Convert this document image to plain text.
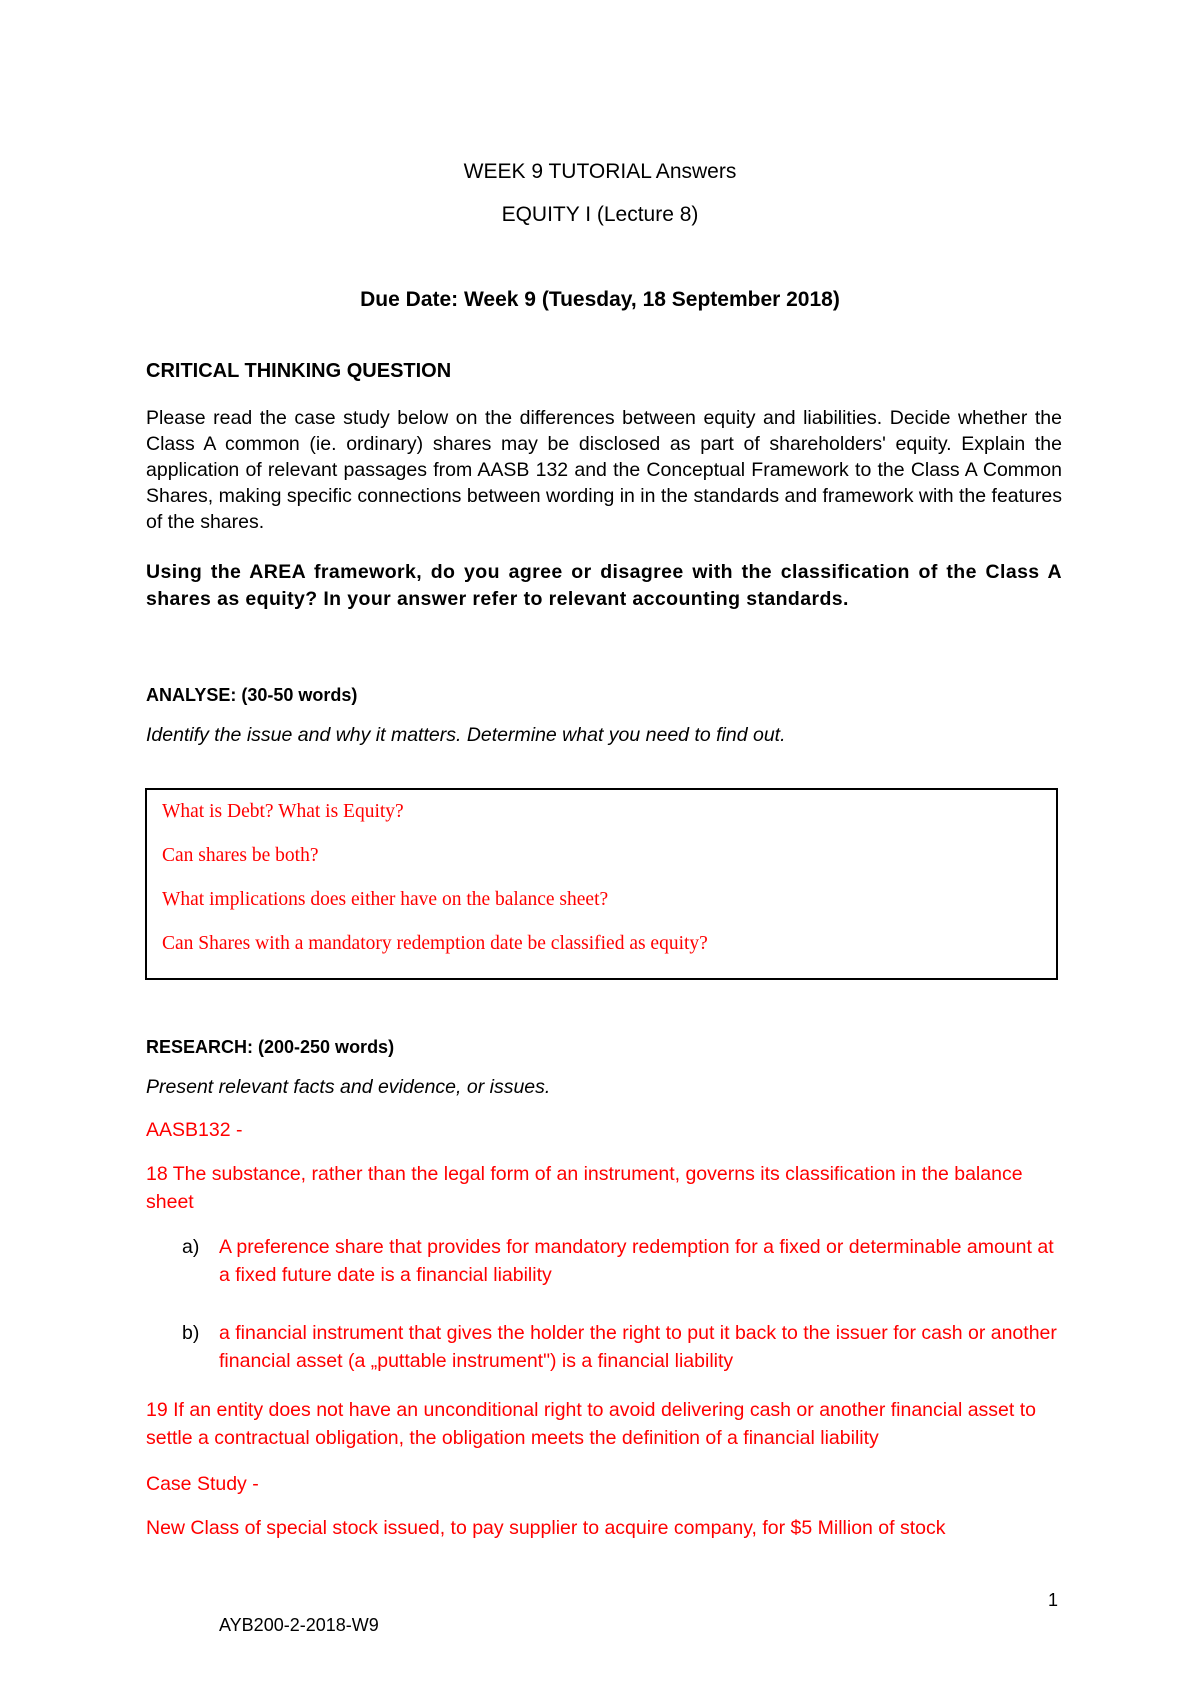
WEEK 9 TUTORIAL Answers

EQUITY I (Lecture 8)

Due Date: Week 9 (Tuesday, 18 September 2018)

CRITICAL THINKING QUESTION

Please read the case study below on the differences between equity and liabilities. Decide whether the Class A common (ie. ordinary) shares may be disclosed as part of shareholders' equity. Explain the application of relevant passages from AASB 132 and the Conceptual Framework to the Class A Common Shares, making specific connections between wording in in the standards and framework with the features of the shares.

Using the AREA framework, do you agree or disagree with the classification of the Class A shares as equity? In your answer refer to relevant accounting standards.

ANALYSE: (30-50 words)

Identify the issue and why it matters. Determine what you need to find out.

What is Debt? What is Equity?

Can shares be both?

What implications does either have on the balance sheet?

Can Shares with a mandatory redemption date be classified as equity?

RESEARCH: (200-250 words)

Present relevant facts and evidence, or issues.

AASB132 -

18 The substance, rather than the legal form of an instrument, governs its classification in the balance sheet

a) A preference share that provides for mandatory redemption for a fixed or determinable amount at a fixed future date is a financial liability

b) a financial instrument that gives the holder the right to put it back to the issuer for cash or another financial asset (a „puttable instrument") is a financial liability

19 If an entity does not have an unconditional right to avoid delivering cash or another financial asset to settle a contractual obligation, the obligation meets the definition of a financial liability

Case Study -

New Class of special stock issued, to pay supplier to acquire company, for $5 Million of stock

1

AYB200-2-2018-W9
